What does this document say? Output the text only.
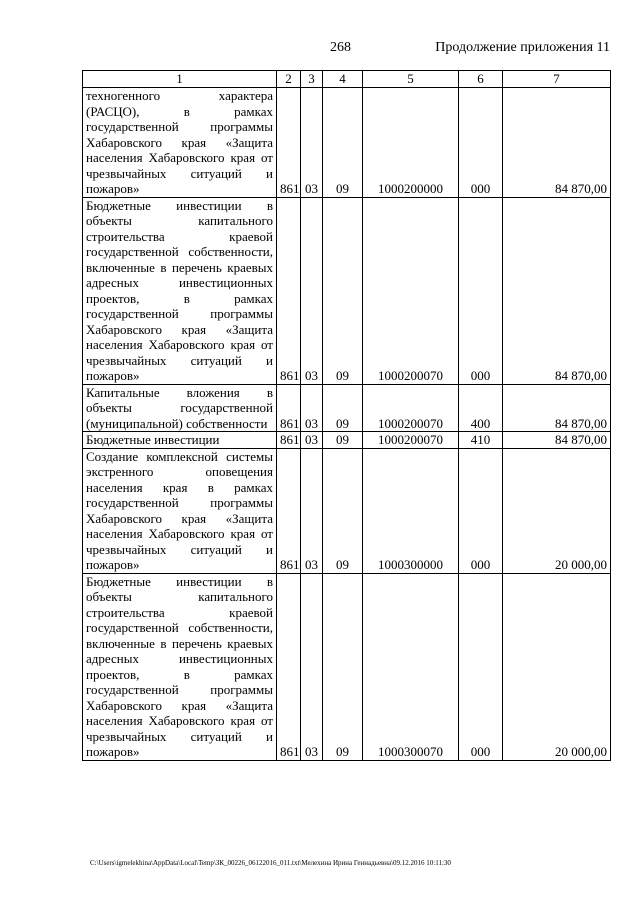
268	Продолжение приложения 11
1	2	3	4	5	6	7
техногенного характера (РАСЦО), в рамках государственной программы Хабаровского края «Защита населения Хабаровского края от чрезвычайных ситуаций и пожаров»	861	03	09	1000200000	000	84 870,00
Бюджетные инвестиции в объекты капитального строительства краевой государственной собственности, включенные в перечень краевых адресных инвестиционных проектов, в рамках государственной программы Хабаровского края «Защита населения Хабаровского края от чрезвычайных ситуаций и пожаров»	861	03	09	1000200070	000	84 870,00
Капитальные вложения в объекты государственной (муниципальной) собственности	861	03	09	1000200070	400	84 870,00
Бюджетные инвестиции	861	03	09	1000200070	410	84 870,00
Создание комплексной системы экстренного оповещения населения края в рамках государственной программы Хабаровского края «Защита населения Хабаровского края от чрезвычайных ситуаций и пожаров»	861	03	09	1000300000	000	20 000,00
Бюджетные инвестиции в объекты капитального строительства краевой государственной собственности, включенные в перечень краевых адресных инвестиционных проектов, в рамках государственной программы Хабаровского края «Защита населения Хабаровского края от чрезвычайных ситуаций и пожаров»	861	03	09	1000300070	000	20 000,00
C:\Users\igmelekhina\AppData\Local\Temp\ЗК_00226_06122016_011.txt\Мелехина Ирина Геннадьевна\09.12.2016 10:11:30
